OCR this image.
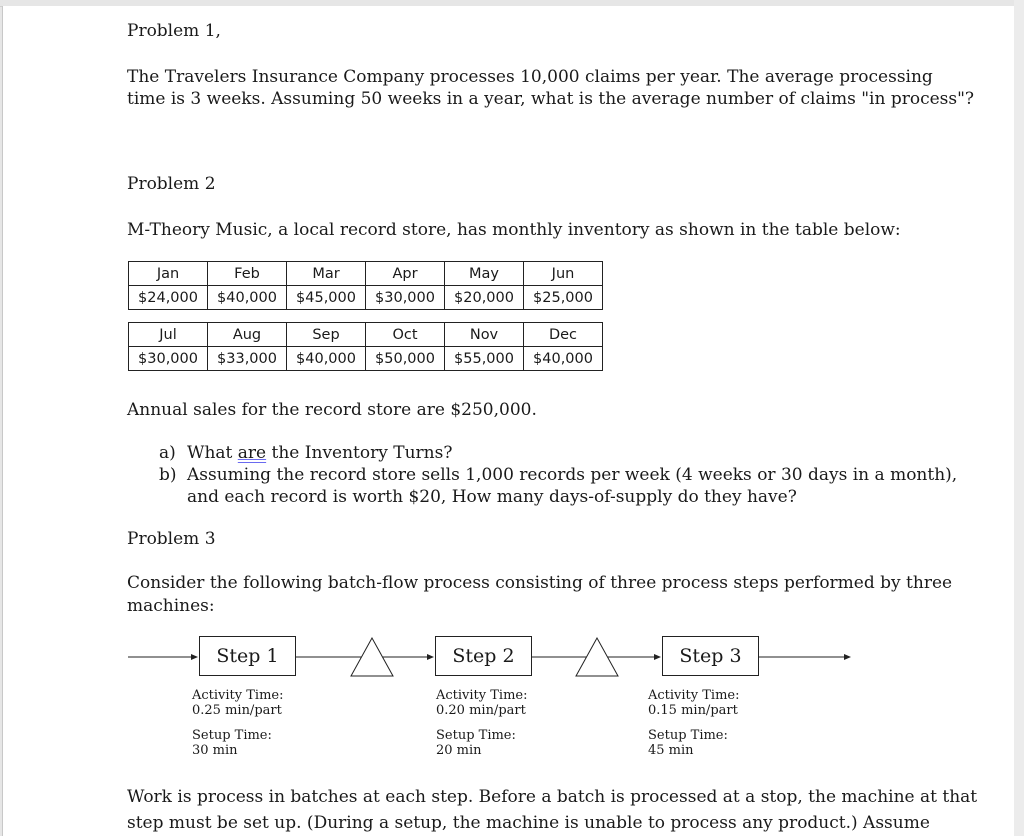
Problem 1,
The Travelers Insurance Company processes 10,000 claims per year. The average processing
time is 3 weeks. Assuming 50 weeks in a year, what is the average number of claims "in process"?
Problem 2
M-Theory Music, a local record store, has monthly inventory as shown in the table below:
Jan	Feb	Mar	Apr	May	Jun
$24,000	$40,000	$45,000	$30,000	$20,000	$25,000
Jul	Aug	Sep	Oct	Nov	Dec
$30,000	$33,000	$40,000	$50,000	$55,000	$40,000
Annual sales for the record store are $250,000.
a) What are the Inventory Turns?
b) Assuming the record store sells 1,000 records per week (4 weeks or 30 days in a month),
and each record is worth $20, How many days-of-supply do they have?
Problem 3
Consider the following batch-flow process consisting of three process steps performed by three
machines:
Step 1	Step 2	Step 3
Activity Time:
0.25 min/part
Setup Time:
30 min
Activity Time:
0.20 min/part
Setup Time:
20 min
Activity Time:
0.15 min/part
Setup Time:
45 min
Work is process in batches at each step. Before a batch is processed at a stop, the machine at that
step must be set up. (During a setup, the machine is unable to process any product.) Assume
